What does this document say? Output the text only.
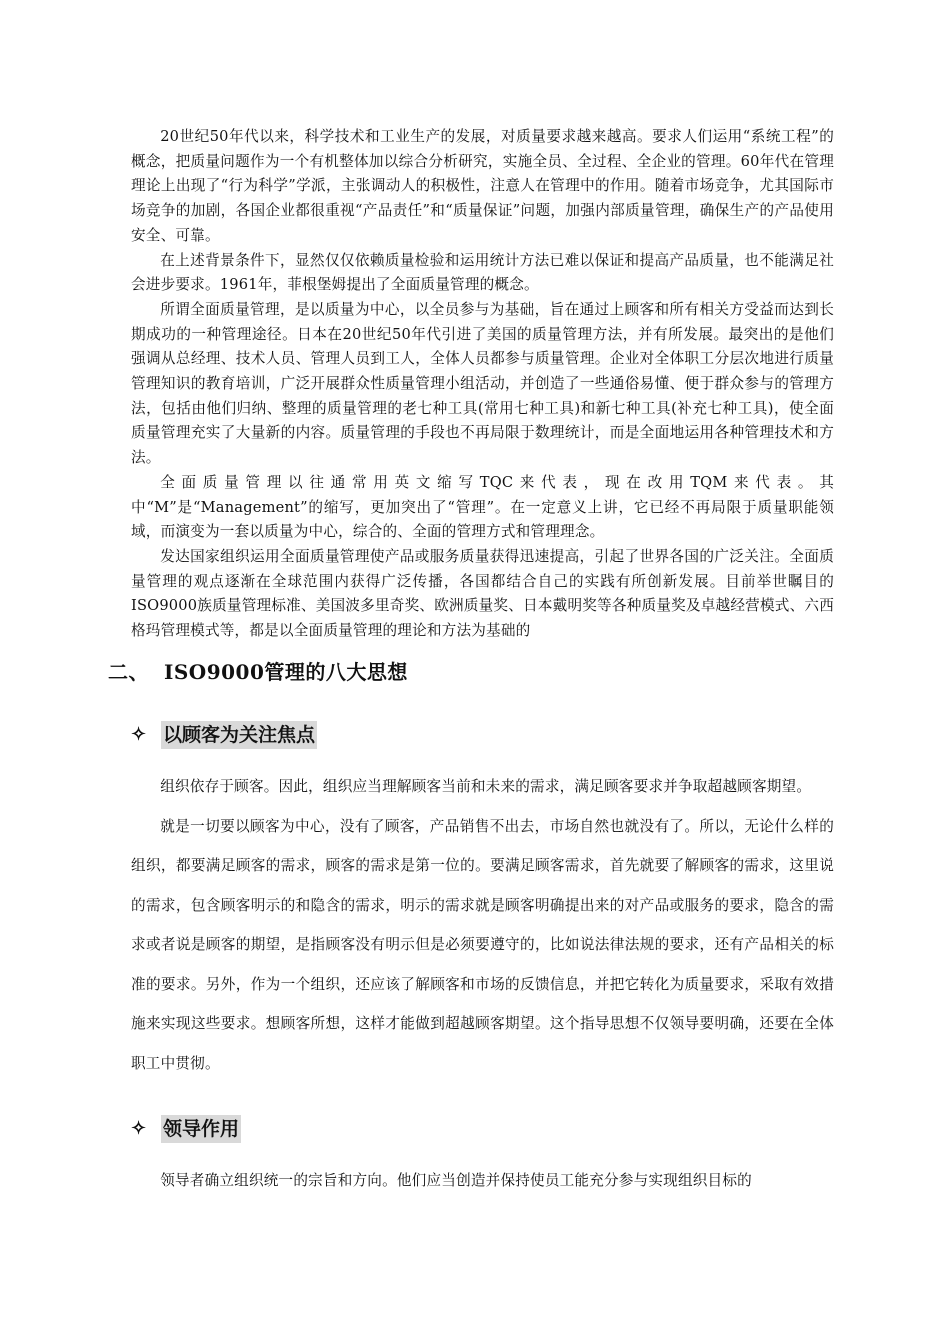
20世纪50年代以来，科学技术和工业生产的发展，对质量要求越来越高。要求人们运用“系统工程”的概念，把质量问题作为一个有机整体加以综合分析研究，实施全员、全过程、全企业的管理。60年代在管理理论上出现了“行为科学”学派，主张调动人的积极性，注意人在管理中的作用。随着市场竞争，尤其国际市场竞争的加剧，各国企业都很重视“产品责任”和“质量保证”问题，加强内部质量管理，确保生产的产品使用安全、可靠。

在上述背景条件下，显然仅仅依赖质量检验和运用统计方法已难以保证和提高产品质量，也不能满足社会进步要求。1961年，菲根堡姆提出了全面质量管理的概念。

所谓全面质量管理，是以质量为中心，以全员参与为基础，旨在通过上顾客和所有相关方受益而达到长期成功的一种管理途径。日本在20世纪50年代引进了美国的质量管理方法，并有所发展。最突出的是他们强调从总经理、技术人员、管理人员到工人，全体人员都参与质量管理。企业对全体职工分层次地进行质量管理知识的教育培训，广泛开展群众性质量管理小组活动，并创造了一些通俗易懂、便于群众参与的管理方法，包括由他们归纳、整理的质量管理的老七种工具(常用七种工具)和新七种工具(补充七种工具)，使全面质量管理充实了大量新的内容。质量管理的手段也不再局限于数理统计，而是全面地运用各种管理技术和方法。

全面质量管理以往通常用英文缩写TQC来代表，现在改用TQM来代表。其中“M”是“Management”的缩写，更加突出了“管理”。在一定意义上讲，它已经不再局限于质量职能领域，而演变为一套以质量为中心，综合的、全面的管理方式和管理理念。

发达国家组织运用全面质量管理使产品或服务质量获得迅速提高，引起了世界各国的广泛关注。全面质量管理的观点逐渐在全球范围内获得广泛传播，各国都结合自己的实践有所创新发展。目前举世瞩目的ISO9000族质量管理标准、美国波多里奇奖、欧洲质量奖、日本戴明奖等各种质量奖及卓越经营模式、六西格玛管理模式等，都是以全面质量管理的理论和方法为基础的

二、 ISO9000管理的八大思想
✧ 以顾客为关注焦点

组织依存于顾客。因此，组织应当理解顾客当前和未来的需求，满足顾客要求并争取超越顾客期望。

就是一切要以顾客为中心，没有了顾客，产品销售不出去，市场自然也就没有了。所以，无论什么样的组织，都要满足顾客的需求，顾客的需求是第一位的。要满足顾客需求，首先就要了解顾客的需求，这里说的需求，包含顾客明示的和隐含的需求，明示的需求就是顾客明确提出来的对产品或服务的要求，隐含的需求或者说是顾客的期望，是指顾客没有明示但是必须要遵守的，比如说法律法规的要求，还有产品相关的标准的要求。另外，作为一个组织，还应该了解顾客和市场的反馈信息，并把它转化为质量要求，采取有效措施来实现这些要求。想顾客所想，这样才能做到超越顾客期望。这个指导思想不仅领导要明确，还要在全体职工中贯彻。

✧ 领导作用

领导者确立组织统一的宗旨和方向。他们应当创造并保持使员工能充分参与实现组织目标的
